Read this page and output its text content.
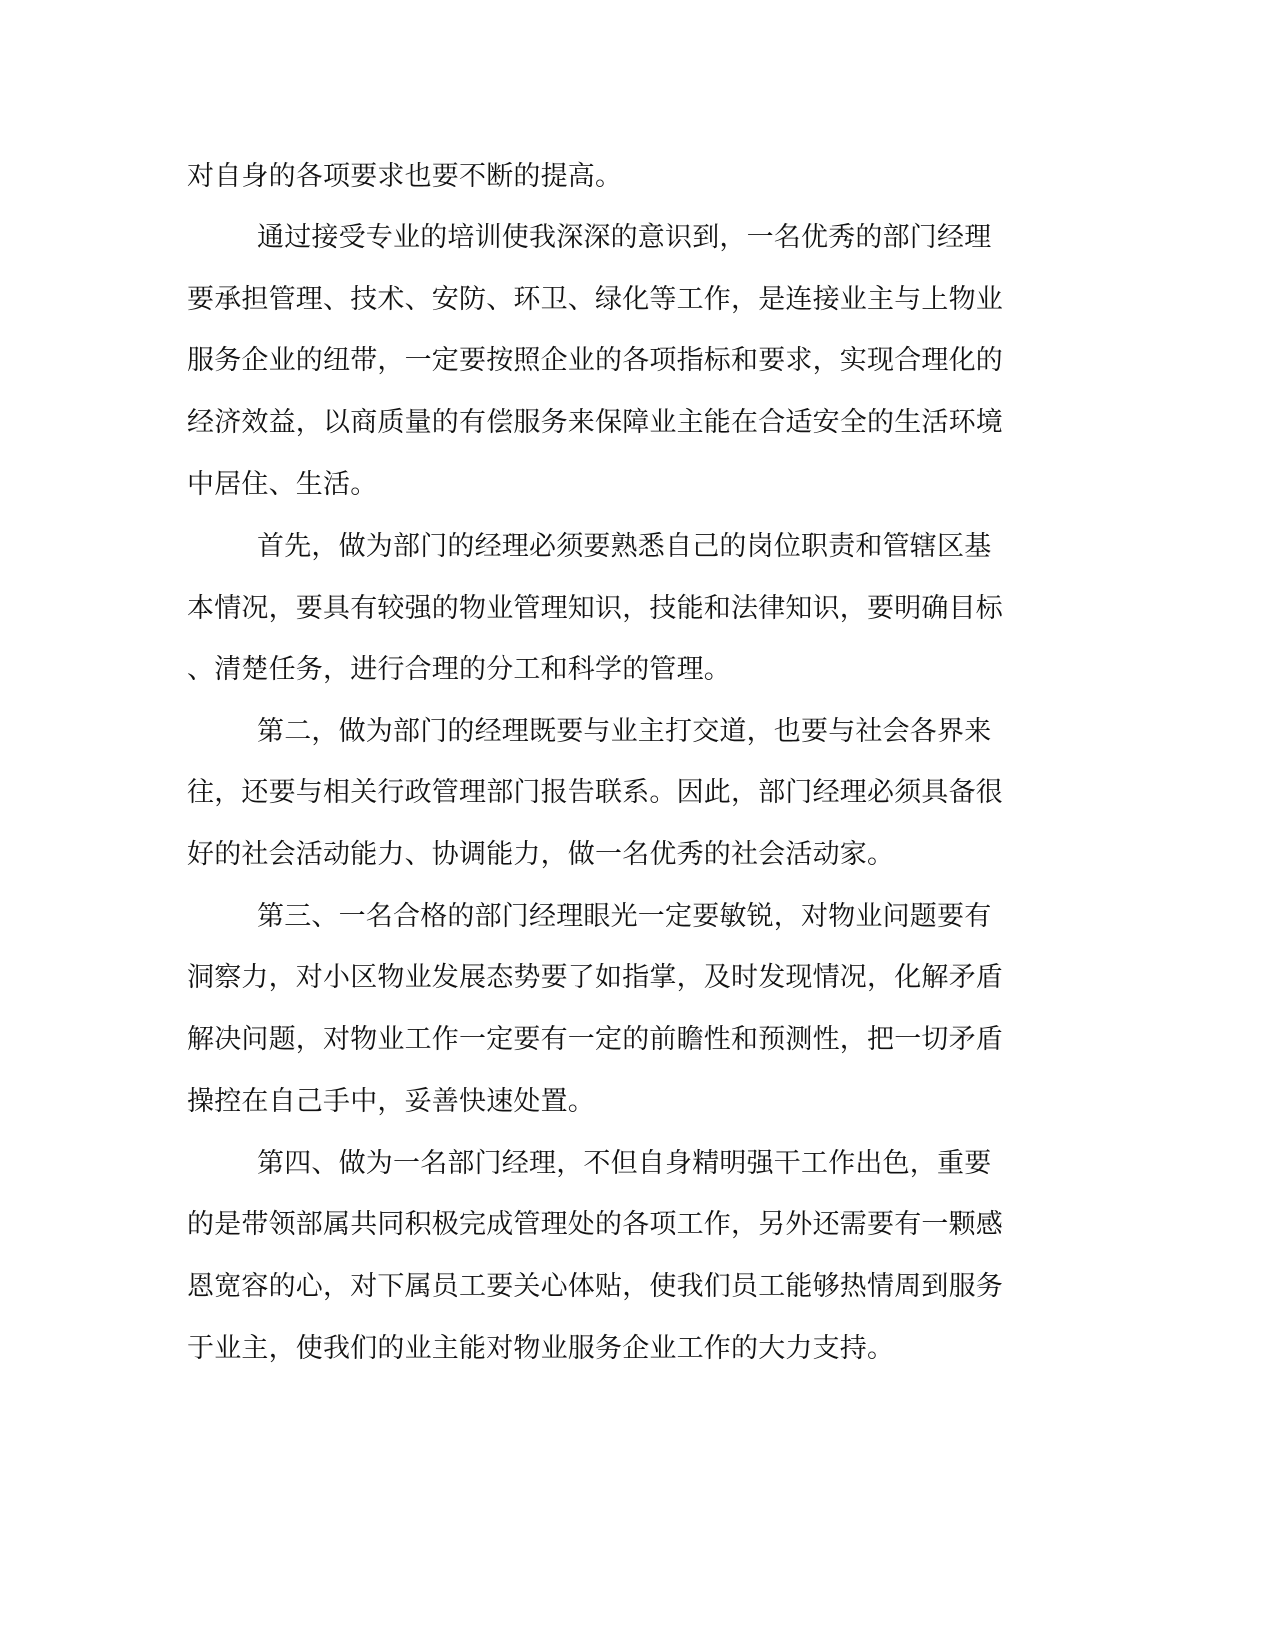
对自身的各项要求也要不断的提高。
通过接受专业的培训使我深深的意识到，一名优秀的部门经理
要承担管理、技术、安防、环卫、绿化等工作，是连接业主与上物业
服务企业的纽带，一定要按照企业的各项指标和要求，实现合理化的
经济效益，以商质量的有偿服务来保障业主能在合适安全的生活环境
中居住、生活。
首先，做为部门的经理必须要熟悉自己的岗位职责和管辖区基
本情况，要具有较强的物业管理知识，技能和法律知识，要明确目标
、清楚任务，进行合理的分工和科学的管理。
第二，做为部门的经理既要与业主打交道，也要与社会各界来
往，还要与相关行政管理部门报告联系。因此，部门经理必须具备很
好的社会活动能力、协调能力，做一名优秀的社会活动家。
第三、一名合格的部门经理眼光一定要敏锐，对物业问题要有
洞察力，对小区物业发展态势要了如指掌，及时发现情况，化解矛盾
解决问题，对物业工作一定要有一定的前瞻性和预测性，把一切矛盾
操控在自己手中，妥善快速处置。
第四、做为一名部门经理，不但自身精明强干工作出色，重要
的是带领部属共同积极完成管理处的各项工作，另外还需要有一颗感
恩宽容的心，对下属员工要关心体贴，使我们员工能够热情周到服务
于业主，使我们的业主能对物业服务企业工作的大力支持。
